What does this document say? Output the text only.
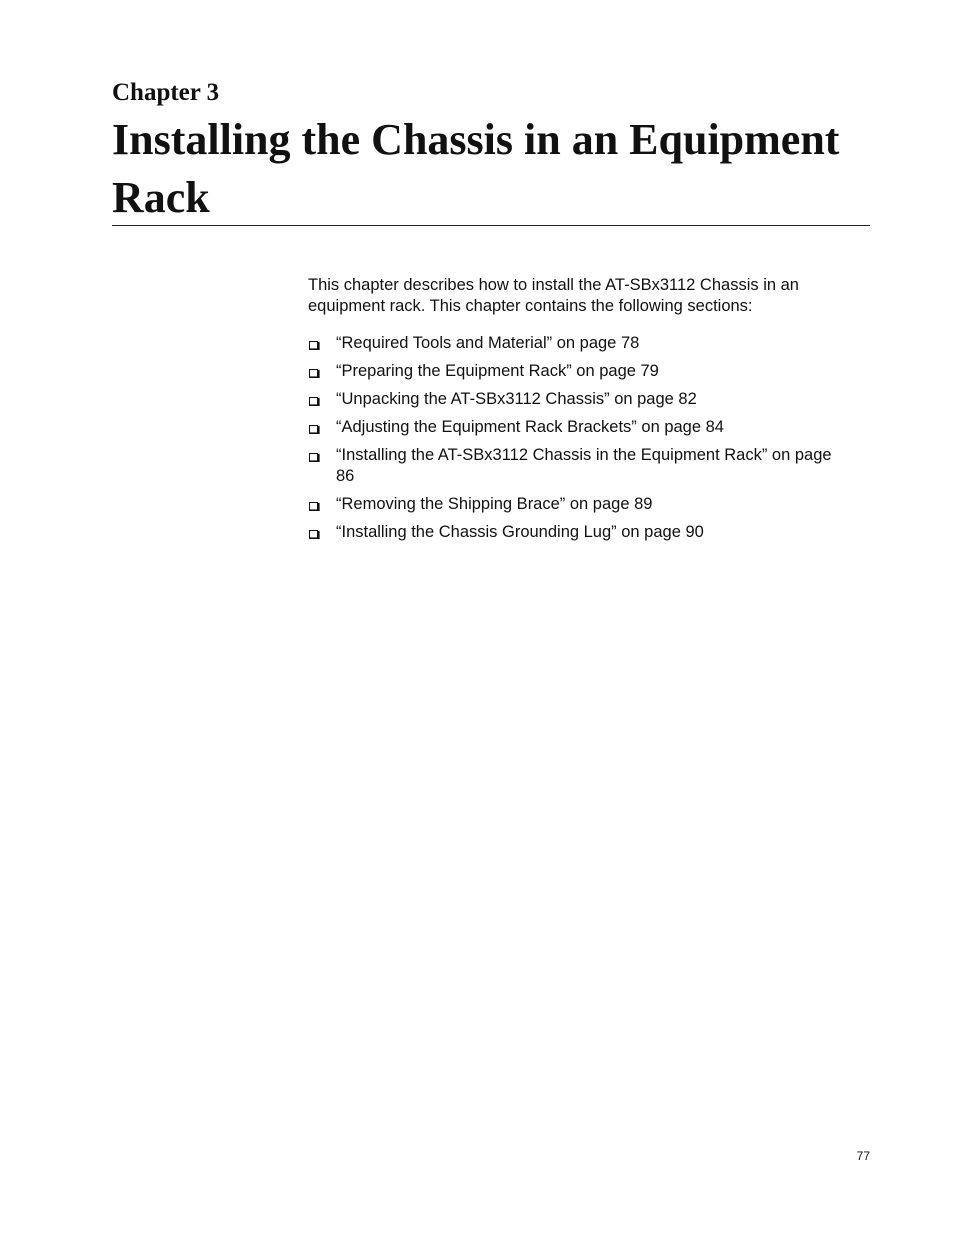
Chapter 3
Installing the Chassis in an Equipment Rack

This chapter describes how to install the AT-SBx3112 Chassis in an equipment rack. This chapter contains the following sections:

“Required Tools and Material” on page 78
“Preparing the Equipment Rack” on page 79
“Unpacking the AT-SBx3112 Chassis” on page 82
“Adjusting the Equipment Rack Brackets” on page 84
“Installing the AT-SBx3112 Chassis in the Equipment Rack” on page 86
“Removing the Shipping Brace” on page 89
“Installing the Chassis Grounding Lug” on page 90
77
